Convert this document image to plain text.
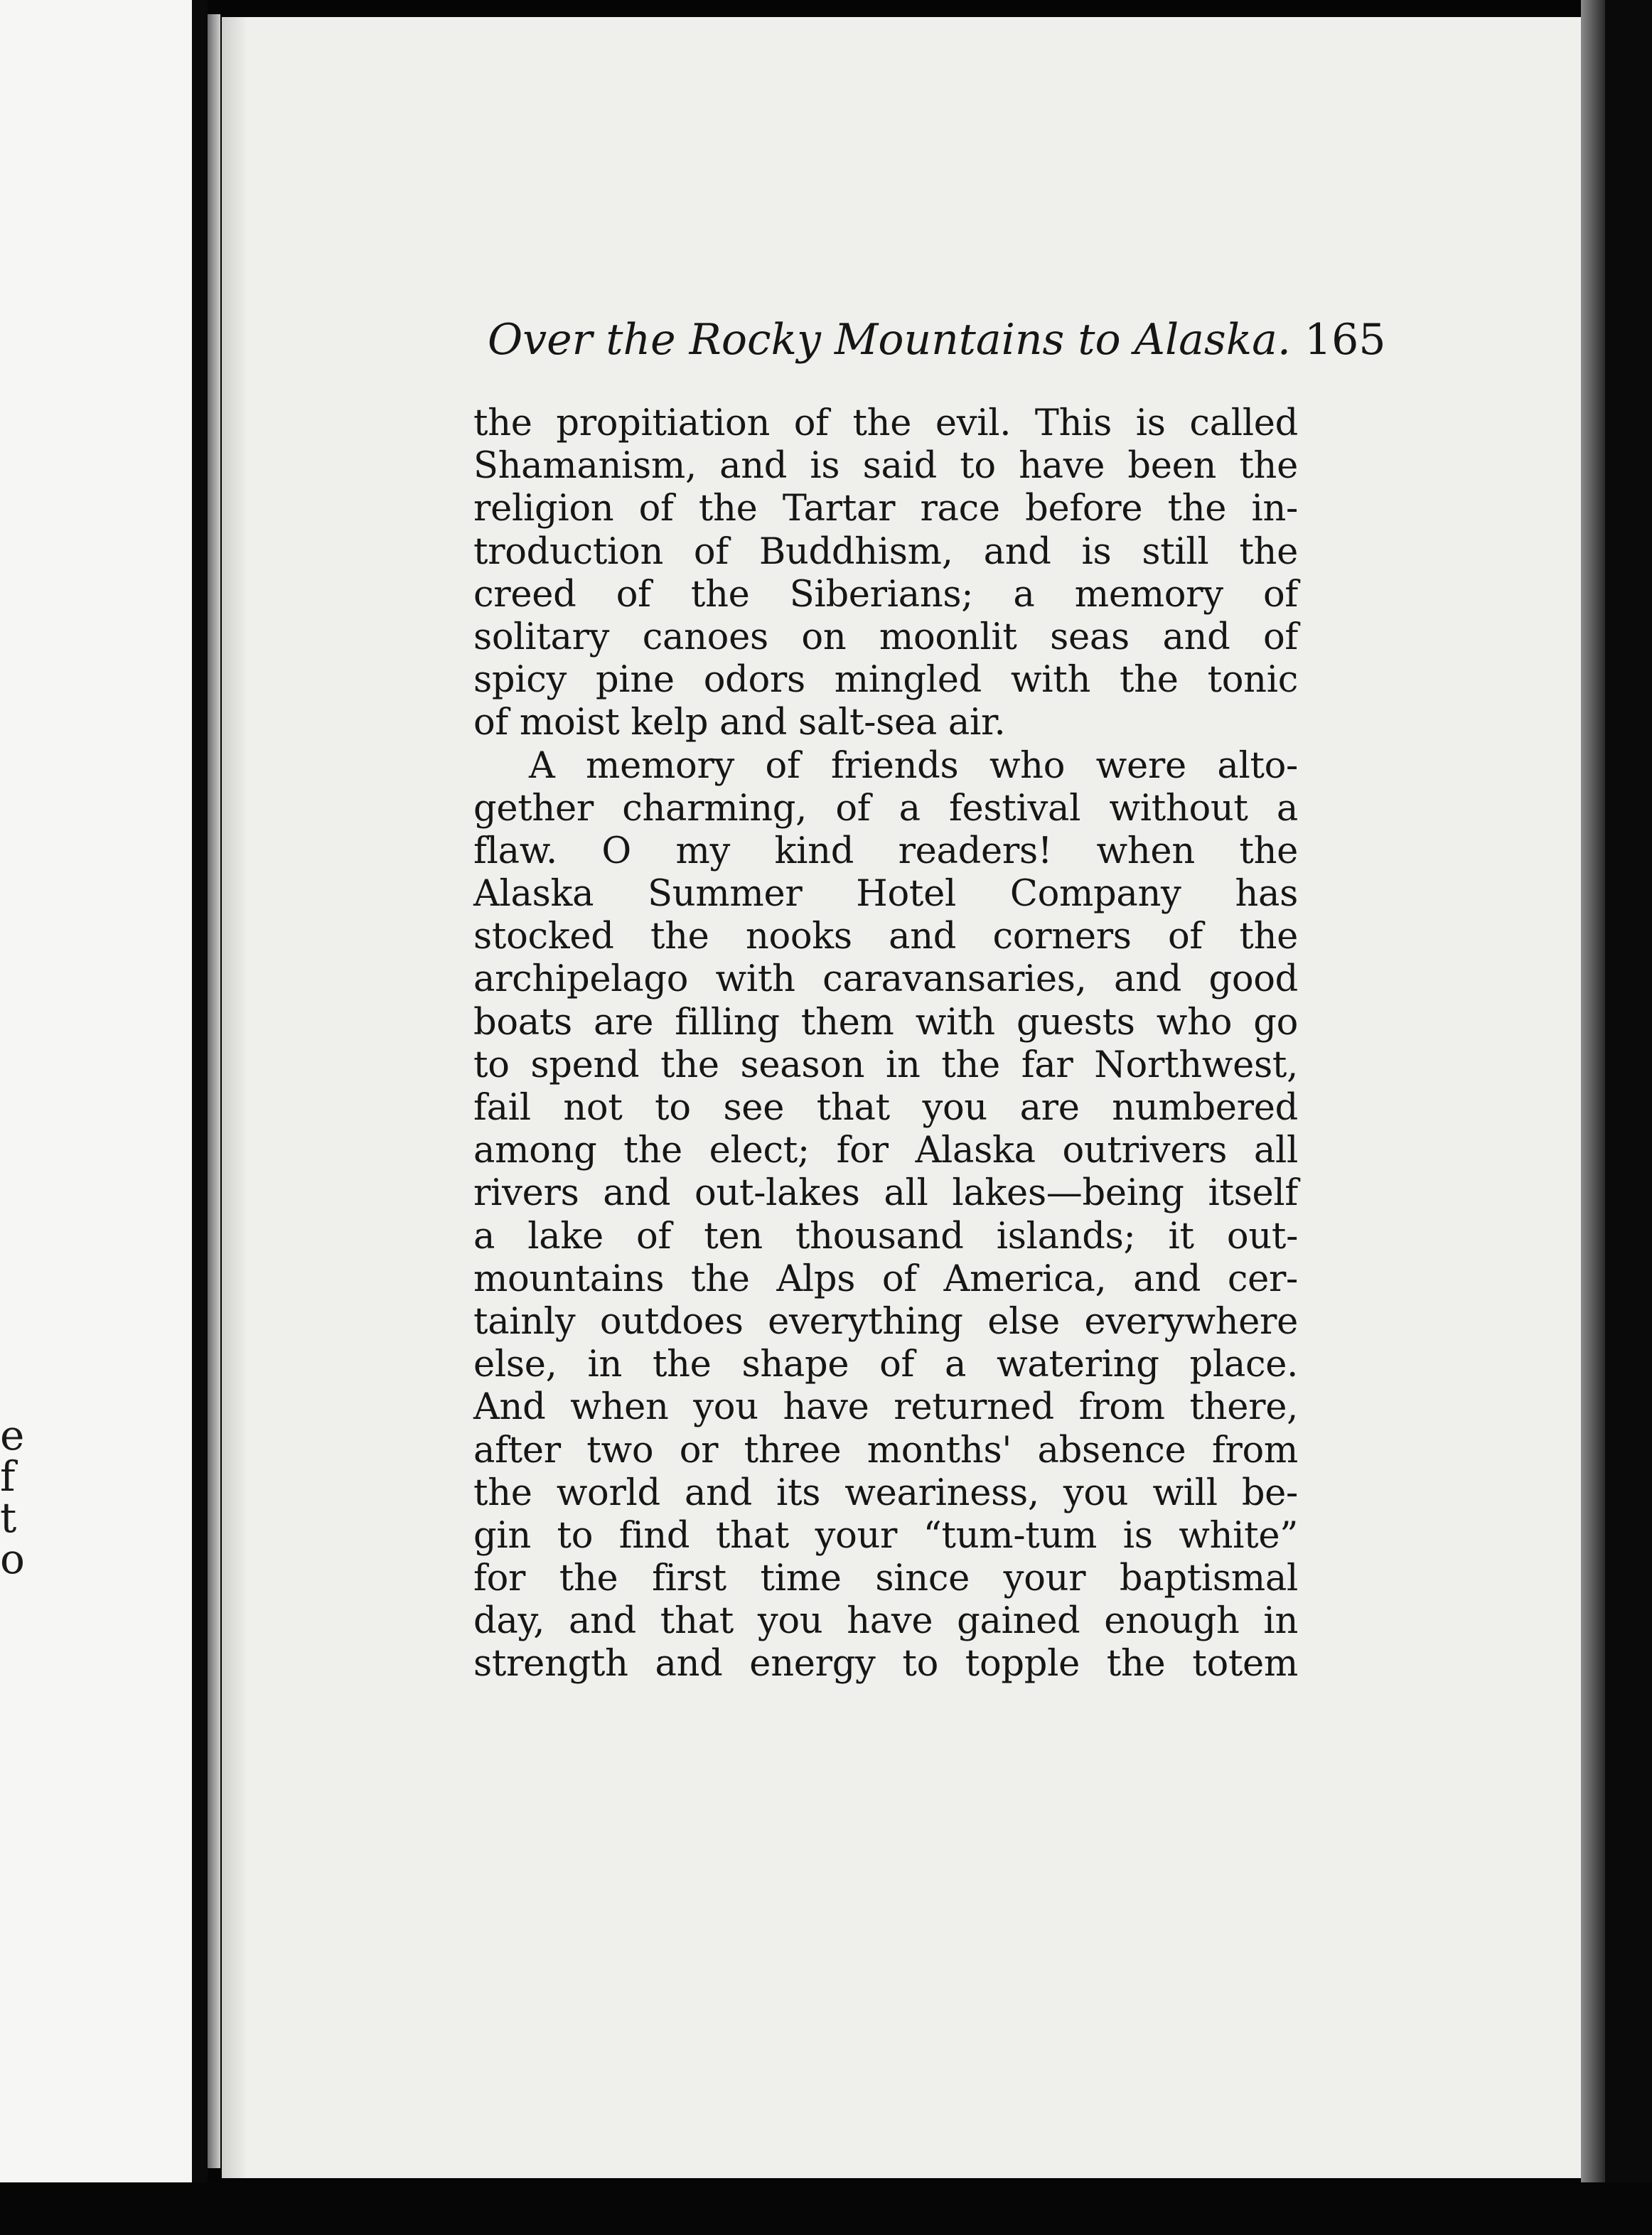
e
f
t
o
Over the Rocky Mountains to Alaska. 165
the propitiation of the evil. This is called
Shamanism, and is said to have been the
religion of the Tartar race before the in-
troduction of Buddhism, and is still the
creed of the Siberians; a memory of
solitary canoes on moonlit seas and of
spicy pine odors mingled with the tonic
of moist kelp and salt-sea air.
A memory of friends who were alto-
gether charming, of a festival without a
flaw. O my kind readers! when the
Alaska Summer Hotel Company has
stocked the nooks and corners of the
archipelago with caravansaries, and good
boats are filling them with guests who go
to spend the season in the far Northwest,
fail not to see that you are numbered
among the elect; for Alaska outrivers all
rivers and out-lakes all lakes—being itself
a lake of ten thousand islands; it out-
mountains the Alps of America, and cer-
tainly outdoes everything else everywhere
else, in the shape of a watering place.
And when you have returned from there,
after two or three months' absence from
the world and its weariness, you will be-
gin to find that your “tum-tum is white”
for the first time since your baptismal
day, and that you have gained enough in
strength and energy to topple the totem
